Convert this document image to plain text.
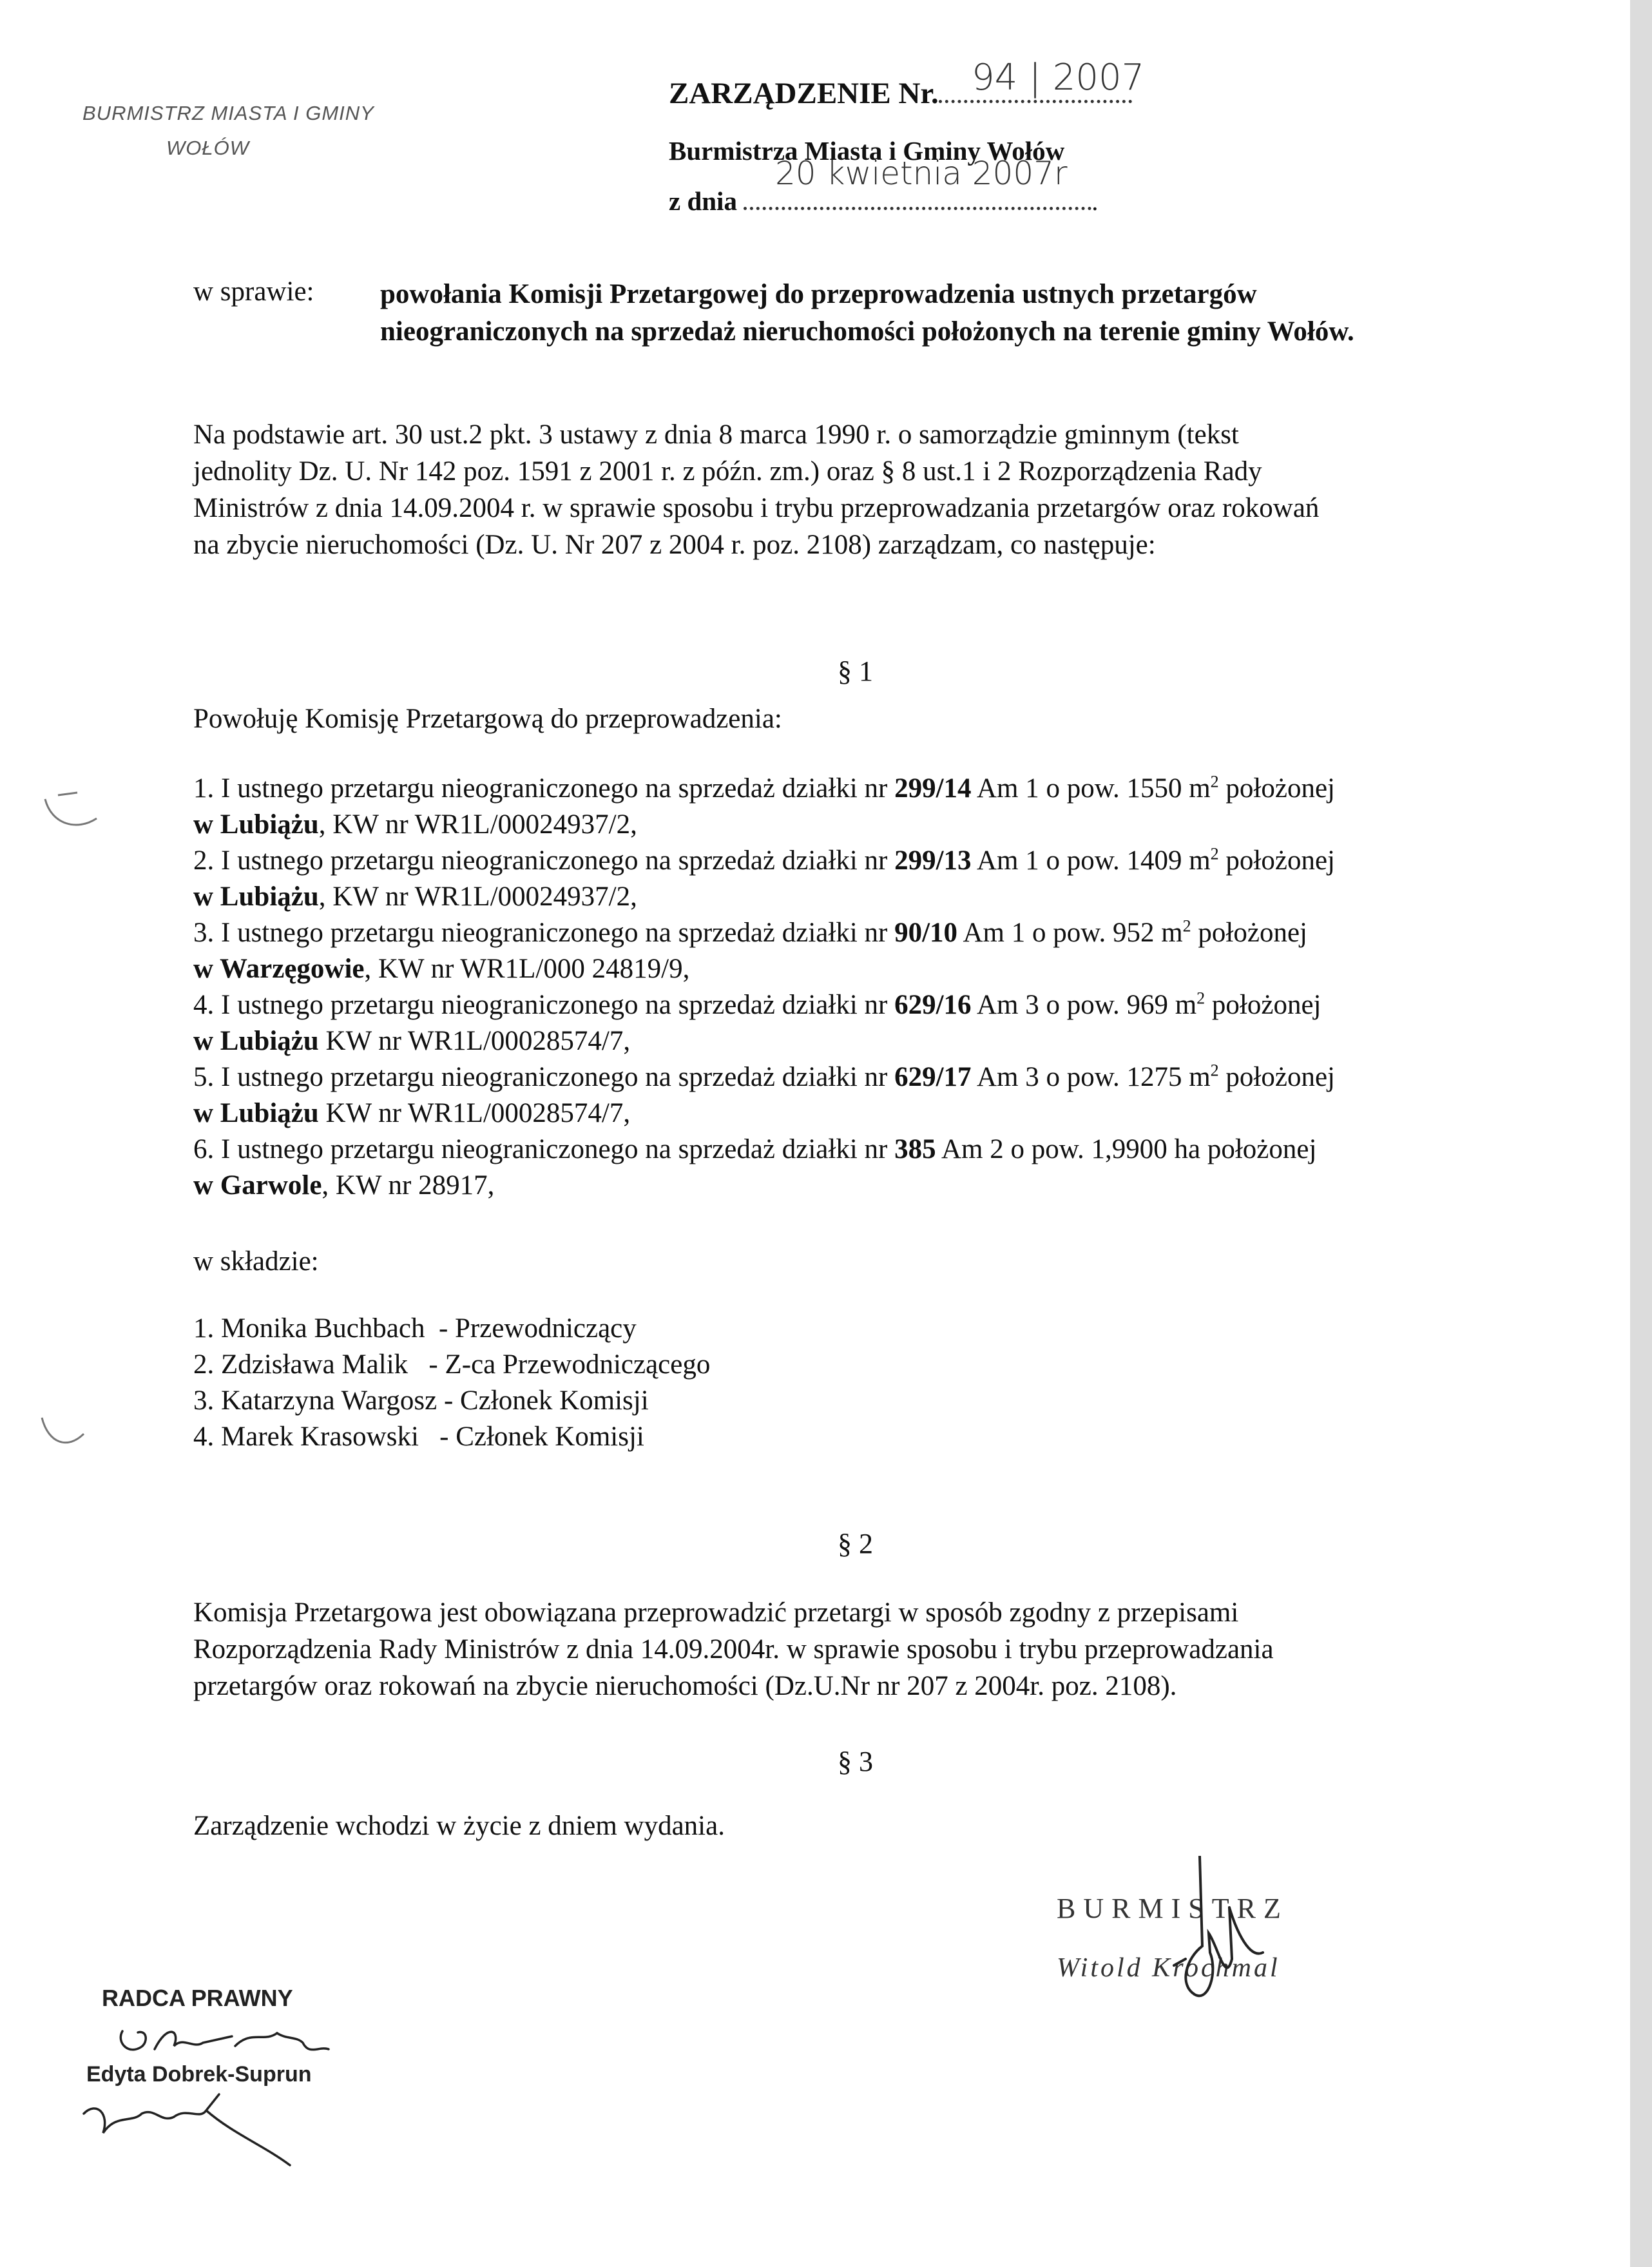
BURMISTRZ MIASTA I GMINY
WOŁÓW
ZARZĄDZENIE Nr. 94 | 2007
Burmistrza Miasta i Gminy Wołów
z dnia	.
20 kwietnia 2007r
w sprawie: powołania Komisji Przetargowej do przeprowadzenia ustnych przetargów
nieograniczonych na sprzedaż nieruchomości położonych na terenie gminy Wołów.
Na podstawie art. 30 ust.2 pkt. 3 ustawy z dnia 8 marca 1990 r. o samorządzie gminnym (tekst
jednolity Dz. U. Nr 142 poz. 1591 z 2001 r. z późn. zm.) oraz § 8 ust.1 i 2 Rozporządzenia Rady
Ministrów z dnia 14.09.2004 r. w sprawie sposobu i trybu przeprowadzania przetargów oraz rokowań
na zbycie nieruchomości (Dz. U. Nr 207 z 2004 r. poz. 2108) zarządzam, co następuje:
§ 1
Powołuję Komisję Przetargową do przeprowadzenia:
1. I ustnego przetargu nieograniczonego na sprzedaż działki nr 299/14 Am 1 o pow. 1550 $m^2$ położonej
w Lubiążu, KW nr WR1L/00024937/2,
2. I ustnego przetargu nieograniczonego na sprzedaż działki nr 299/13 Am 1 o pow. 1409 $m^2$ położonej
w Lubiążu, KW nr WR1L/00024937/2,
3. I ustnego przetargu nieograniczonego na sprzedaż działki nr 90/10 Am 1 o pow. 952 $m^2$ położonej
w Warzęgowie, KW nr WR1L/000 24819/9,
4. I ustnego przetargu nieograniczonego na sprzedaż działki nr 629/16 Am 3 o pow. 969 $m^2$ położonej
w Lubiążu KW nr WR1L/00028574/7,
5. I ustnego przetargu nieograniczonego na sprzedaż działki nr 629/17 Am 3 o pow. 1275 $m^2$ położonej
w Lubiążu KW nr WR1L/00028574/7,
6. I ustnego przetargu nieograniczonego na sprzedaż działki nr 385 Am 2 o pow. 1,9900 ha położonej
w Garwole, KW nr 28917,
w składzie:
1. Monika Buchbach  - Przewodniczący
2. Zdzisława Malik   - Z-ca Przewodniczącego
3. Katarzyna Wargosz - Członek Komisji
4. Marek Krasowski   - Członek Komisji
§ 2
Komisja Przetargowa jest obowiązana przeprowadzić przetargi w sposób zgodny z przepisami
Rozporządzenia Rady Ministrów z dnia 14.09.2004r. w sprawie sposobu i trybu przeprowadzania
przetargów oraz rokowań na zbycie nieruchomości (Dz.U.Nr nr 207 z 2004r. poz. 2108).
§ 3
Zarządzenie wchodzi w życie z dniem wydania.
BURMISTRZ
Witold Krochmal
RADCA PRAWNY
Edyta Dobrek-Suprun
